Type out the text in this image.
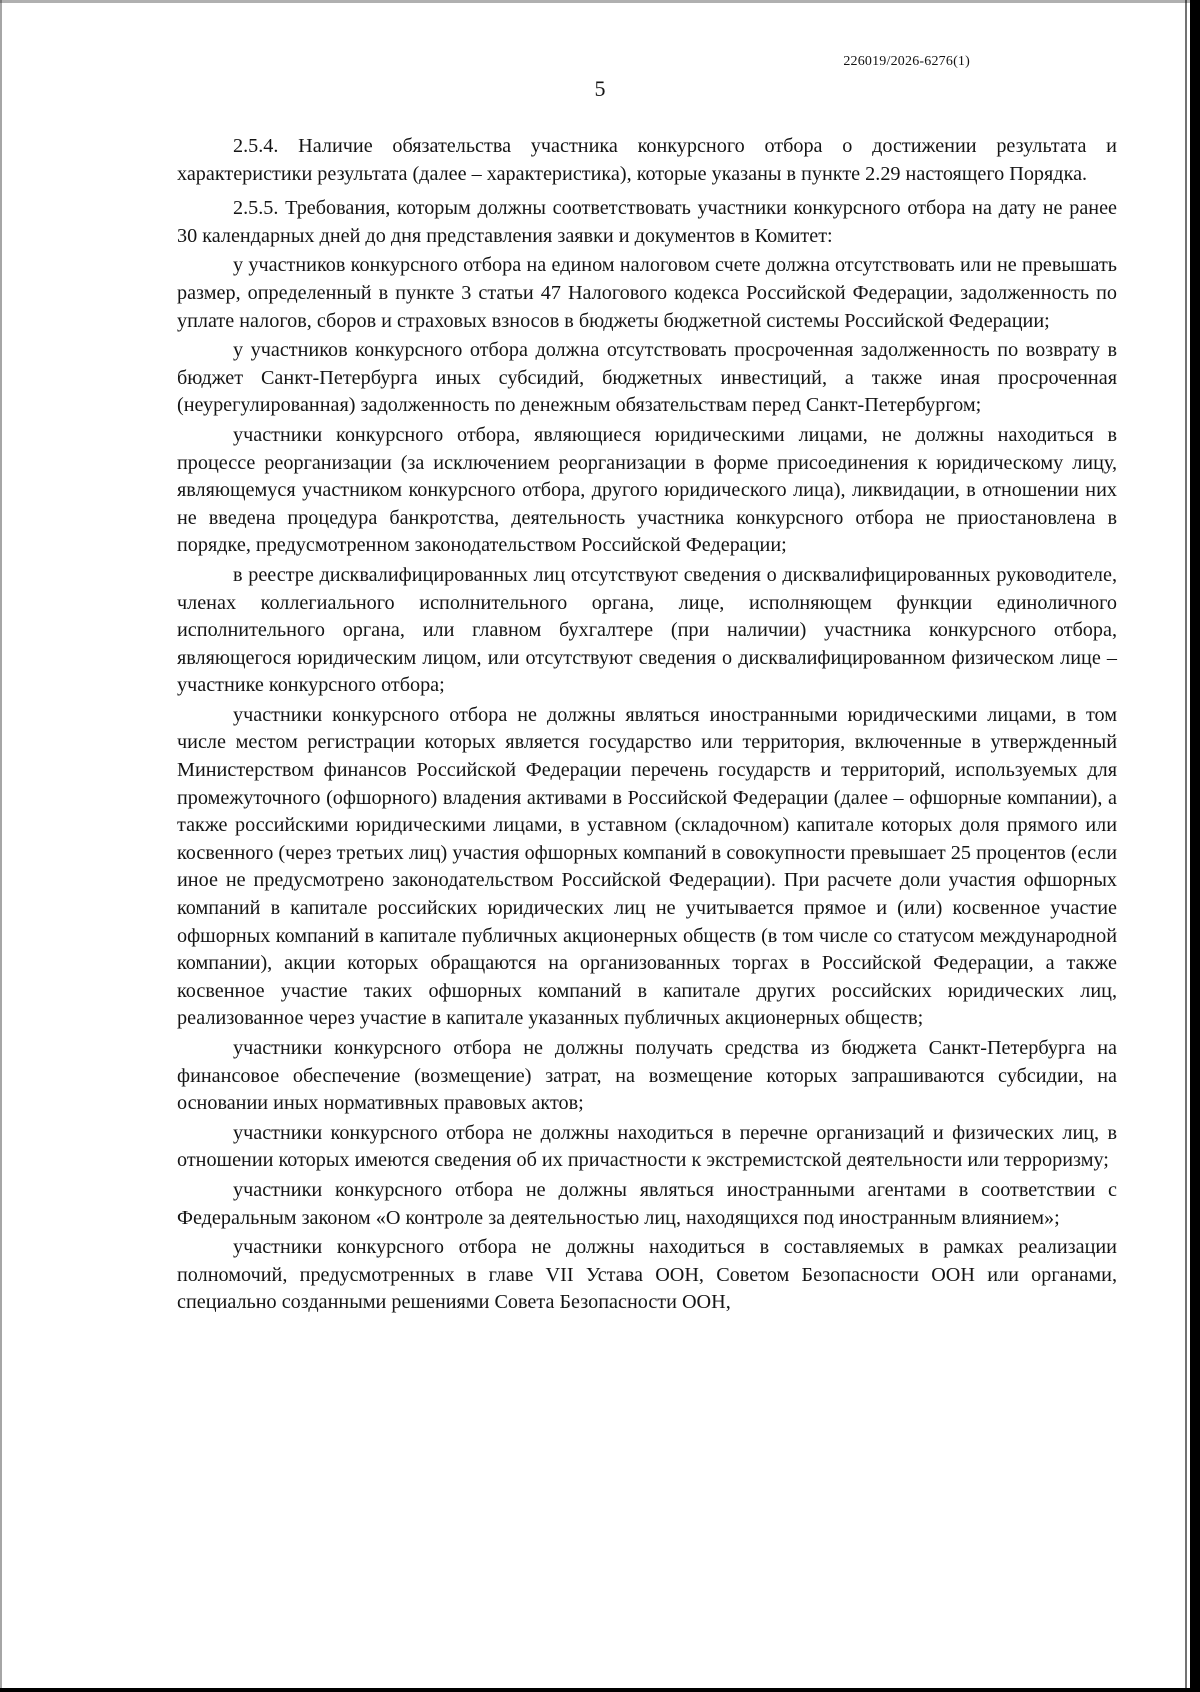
226019/2026-6276(1)
5

2.5.4. Наличие обязательства участника конкурсного отбора о достижении результата и характеристики результата (далее – характеристика), которые указаны в пункте 2.29 настоящего Порядка.

2.5.5. Требования, которым должны соответствовать участники конкурсного отбора на дату не ранее 30 календарных дней до дня представления заявки и документов в Комитет:

у участников конкурсного отбора на едином налоговом счете должна отсутствовать или не превышать размер, определенный в пункте 3 статьи 47 Налогового кодекса Российской Федерации, задолженность по уплате налогов, сборов и страховых взносов в бюджеты бюджетной системы Российской Федерации;

у участников конкурсного отбора должна отсутствовать просроченная задолженность по возврату в бюджет Санкт-Петербурга иных субсидий, бюджетных инвестиций, а также иная просроченная (неурегулированная) задолженность по денежным обязательствам перед Санкт-Петербургом;

участники конкурсного отбора, являющиеся юридическими лицами, не должны находиться в процессе реорганизации (за исключением реорганизации в форме присоединения к юридическому лицу, являющемуся участником конкурсного отбора, другого юридического лица), ликвидации, в отношении них не введена процедура банкротства, деятельность участника конкурсного отбора не приостановлена в порядке, предусмотренном законодательством Российской Федерации;

в реестре дисквалифицированных лиц отсутствуют сведения о дисквалифицированных руководителе, членах коллегиального исполнительного органа, лице, исполняющем функции единоличного исполнительного органа, или главном бухгалтере (при наличии) участника конкурсного отбора, являющегося юридическим лицом, или отсутствуют сведения о дисквалифицированном физическом лице – участнике конкурсного отбора;

участники конкурсного отбора не должны являться иностранными юридическими лицами, в том числе местом регистрации которых является государство или территория, включенные в утвержденный Министерством финансов Российской Федерации перечень государств и территорий, используемых для промежуточного (офшорного) владения активами в Российской Федерации (далее – офшорные компании), а также российскими юридическими лицами, в уставном (складочном) капитале которых доля прямого или косвенного (через третьих лиц) участия офшорных компаний в совокупности превышает 25 процентов (если иное не предусмотрено законодательством Российской Федерации). При расчете доли участия офшорных компаний в капитале российских юридических лиц не учитывается прямое и (или) косвенное участие офшорных компаний в капитале публичных акционерных обществ (в том числе со статусом международной компании), акции которых обращаются на организованных торгах в Российской Федерации, а также косвенное участие таких офшорных компаний в капитале других российских юридических лиц, реализованное через участие в капитале указанных публичных акционерных обществ;

участники конкурсного отбора не должны получать средства из бюджета Санкт-Петербурга на финансовое обеспечение (возмещение) затрат, на возмещение которых запрашиваются субсидии, на основании иных нормативных правовых актов;

участники конкурсного отбора не должны находиться в перечне организаций и физических лиц, в отношении которых имеются сведения об их причастности к экстремистской деятельности или терроризму;

участники конкурсного отбора не должны являться иностранными агентами в соответствии с Федеральным законом «О контроле за деятельностью лиц, находящихся под иностранным влиянием»;

участники конкурсного отбора не должны находиться в составляемых в рамках реализации полномочий, предусмотренных в главе VII Устава ООН, Советом Безопасности ООН или органами, специально созданными решениями Совета Безопасности ООН,
